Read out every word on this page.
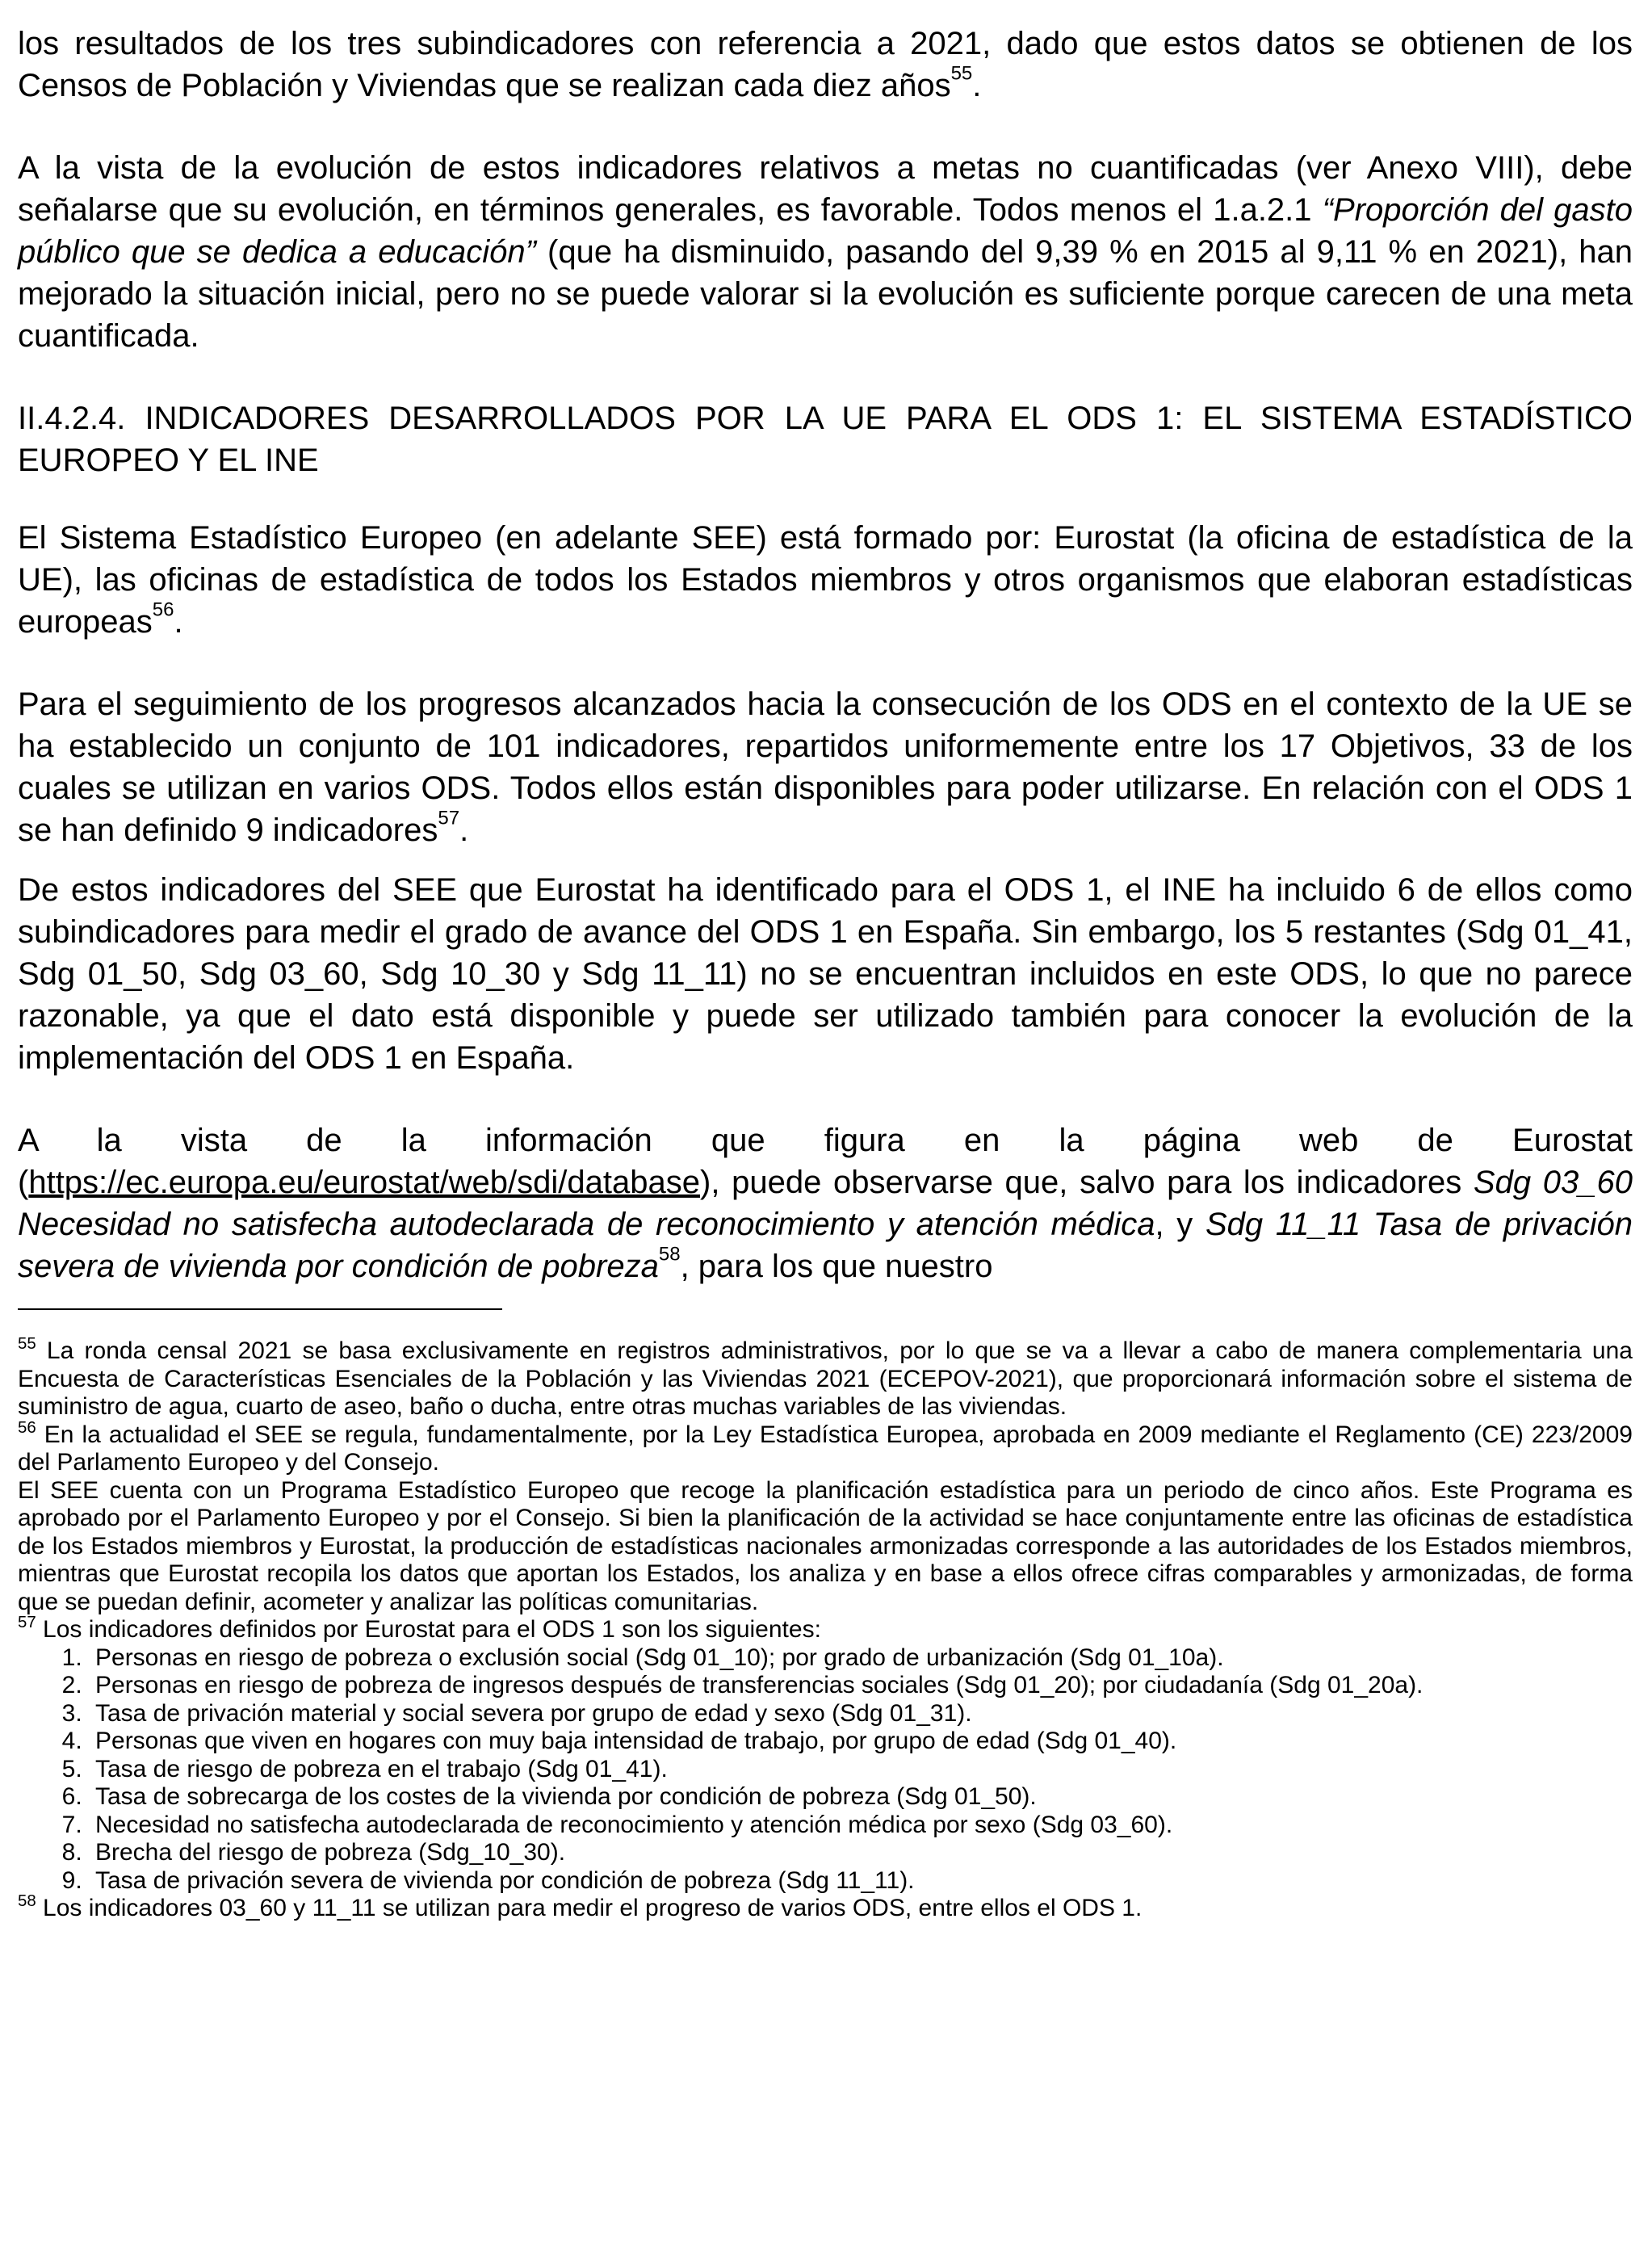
los resultados de los tres subindicadores con referencia a 2021, dado que estos datos se obtienen de los Censos de Población y Viviendas que se realizan cada diez años$^{55}$.

A la vista de la evolución de estos indicadores relativos a metas no cuantificadas (ver Anexo VIII), debe señalarse que su evolución, en términos generales, es favorable. Todos menos el 1.a.2.1 “Proporción del gasto público que se dedica a educación” (que ha disminuido, pasando del 9,39 % en 2015 al 9,11 % en 2021), han mejorado la situación inicial, pero no se puede valorar si la evolución es suficiente porque carecen de una meta cuantificada.

II.4.2.4. INDICADORES DESARROLLADOS POR LA UE PARA EL ODS 1: EL SISTEMA ESTADÍSTICO EUROPEO Y EL INE

El Sistema Estadístico Europeo (en adelante SEE) está formado por: Eurostat (la oficina de estadística de la UE), las oficinas de estadística de todos los Estados miembros y otros organismos que elaboran estadísticas europeas$^{56}$.

Para el seguimiento de los progresos alcanzados hacia la consecución de los ODS en el contexto de la UE se ha establecido un conjunto de 101 indicadores, repartidos uniformemente entre los 17 Objetivos, 33 de los cuales se utilizan en varios ODS. Todos ellos están disponibles para poder utilizarse. En relación con el ODS 1 se han definido 9 indicadores$^{57}$.

De estos indicadores del SEE que Eurostat ha identificado para el ODS 1, el INE ha incluido 6 de ellos como subindicadores para medir el grado de avance del ODS 1 en España. Sin embargo, los 5 restantes (Sdg 01_41, Sdg 01_50, Sdg 03_60, Sdg 10_30 y Sdg 11_11) no se encuentran incluidos en este ODS, lo que no parece razonable, ya que el dato está disponible y puede ser utilizado también para conocer la evolución de la implementación del ODS 1 en España.

A la vista de la información que figura en la página web de Eurostat
(https://ec.europa.eu/eurostat/web/sdi/database), puede observarse que, salvo para los indicadores Sdg 03_60 Necesidad no satisfecha autodeclarada de reconocimiento y atención médica, y Sdg 11_11 Tasa de privación severa de vivienda por condición de pobreza$^{58}$, para los que nuestro

$^{55}$ La ronda censal 2021 se basa exclusivamente en registros administrativos, por lo que se va a llevar a cabo de manera complementaria una Encuesta de Características Esenciales de la Población y las Viviendas 2021 (ECEPOV-2021), que proporcionará información sobre el sistema de suministro de agua, cuarto de aseo, baño o ducha, entre otras muchas variables de las viviendas.

$^{56}$ En la actualidad el SEE se regula, fundamentalmente, por la Ley Estadística Europea, aprobada en 2009 mediante el Reglamento (CE) 223/2009 del Parlamento Europeo y del Consejo.

El SEE cuenta con un Programa Estadístico Europeo que recoge la planificación estadística para un periodo de cinco años. Este Programa es aprobado por el Parlamento Europeo y por el Consejo. Si bien la planificación de la actividad se hace conjuntamente entre las oficinas de estadística de los Estados miembros y Eurostat, la producción de estadísticas nacionales armonizadas corresponde a las autoridades de los Estados miembros, mientras que Eurostat recopila los datos que aportan los Estados, los analiza y en base a ellos ofrece cifras comparables y armonizadas, de forma que se puedan definir, acometer y analizar las políticas comunitarias.

$^{57}$ Los indicadores definidos por Eurostat para el ODS 1 son los siguientes:

1. Personas en riesgo de pobreza o exclusión social (Sdg 01_10); por grado de urbanización (Sdg 01_10a).
2. Personas en riesgo de pobreza de ingresos después de transferencias sociales (Sdg 01_20); por ciudadanía (Sdg 01_20a).
3. Tasa de privación material y social severa por grupo de edad y sexo (Sdg 01_31).
4. Personas que viven en hogares con muy baja intensidad de trabajo, por grupo de edad (Sdg 01_40).
5. Tasa de riesgo de pobreza en el trabajo (Sdg 01_41).
6. Tasa de sobrecarga de los costes de la vivienda por condición de pobreza (Sdg 01_50).
7. Necesidad no satisfecha autodeclarada de reconocimiento y atención médica por sexo (Sdg 03_60).
8. Brecha del riesgo de pobreza (Sdg_10_30).
9. Tasa de privación severa de vivienda por condición de pobreza (Sdg 11_11).

$^{58}$ Los indicadores 03_60 y 11_11 se utilizan para medir el progreso de varios ODS, entre ellos el ODS 1.
